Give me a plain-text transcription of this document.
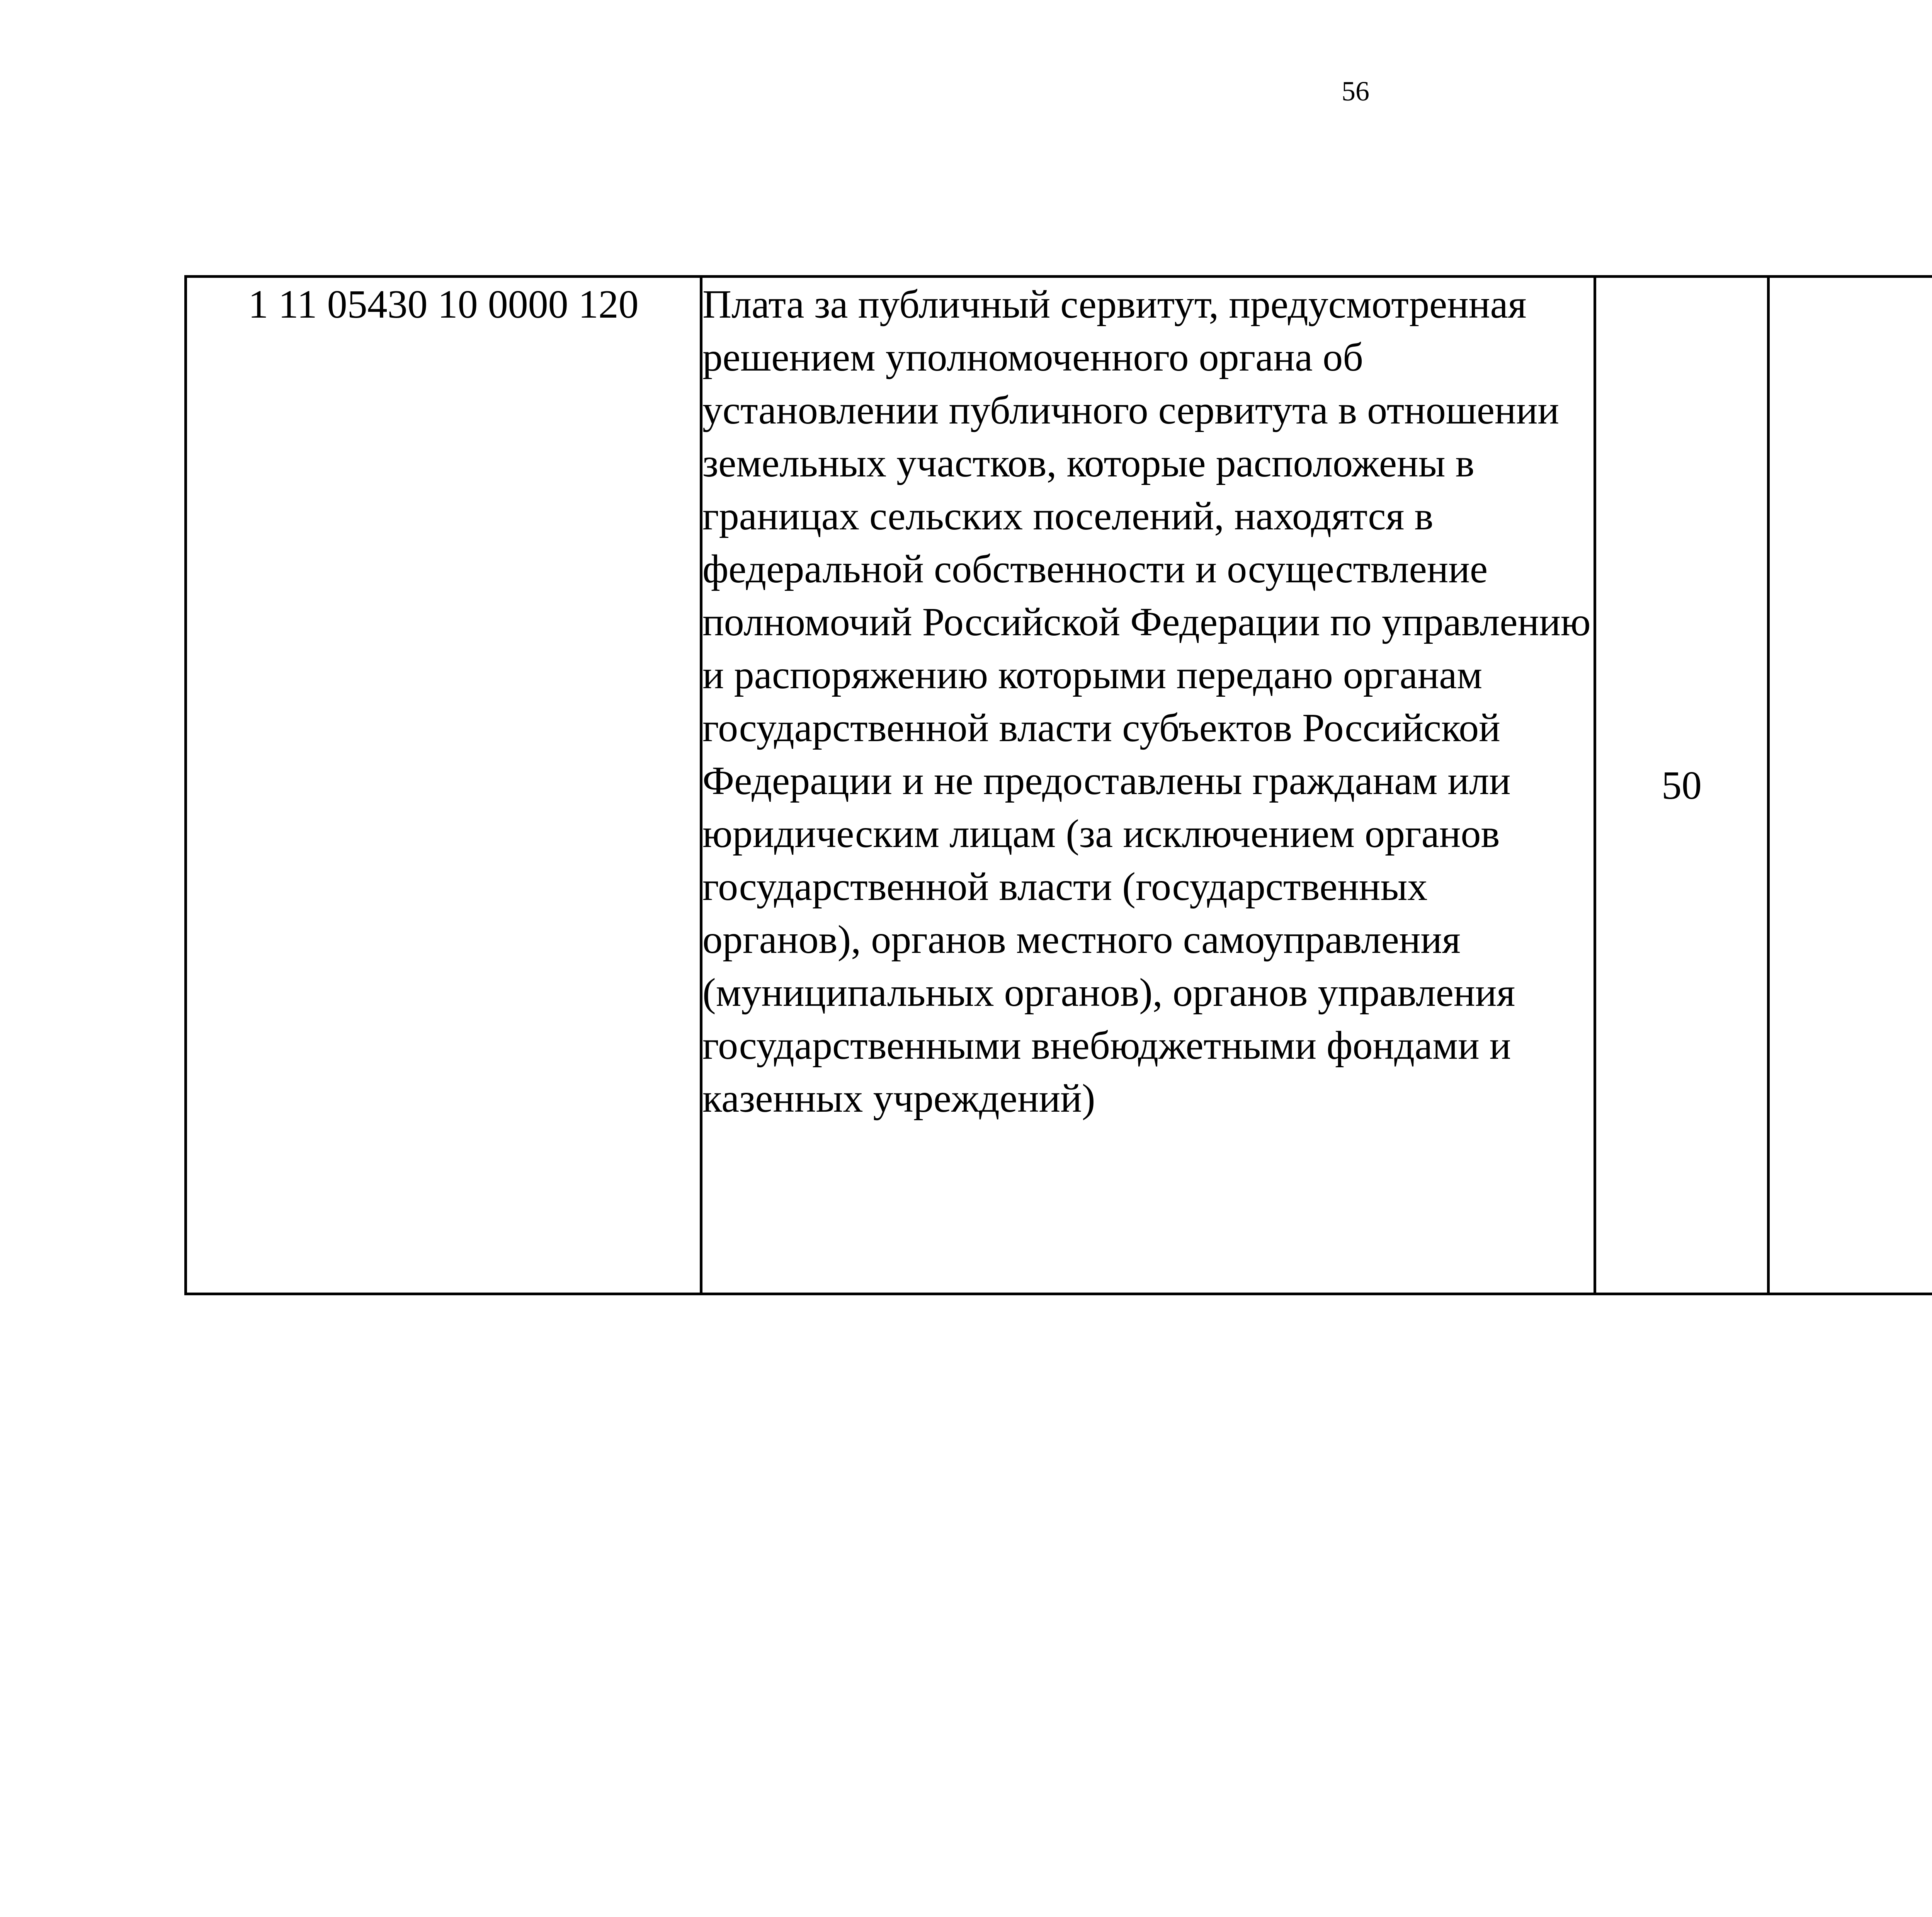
56
1 11 05430 10 0000 120	Плата за публичный сервитут, предусмотренная решением уполномоченного органа об установлении публичного сервитута в отношении земельных участков, которые расположены в границах сельских поселений, находятся в федеральной собственности и осуществление полномочий Российской Федерации по управлению и распоряжению которыми передано органам государственной власти субъектов Российской Федерации и не предоставлены гражданам или юридическим лицам (за исключением органов государственной власти (государственных органов), органов местного самоуправления (муниципальных органов), органов управления государственными внебюджетными фондами и казенных учреждений)	50				
